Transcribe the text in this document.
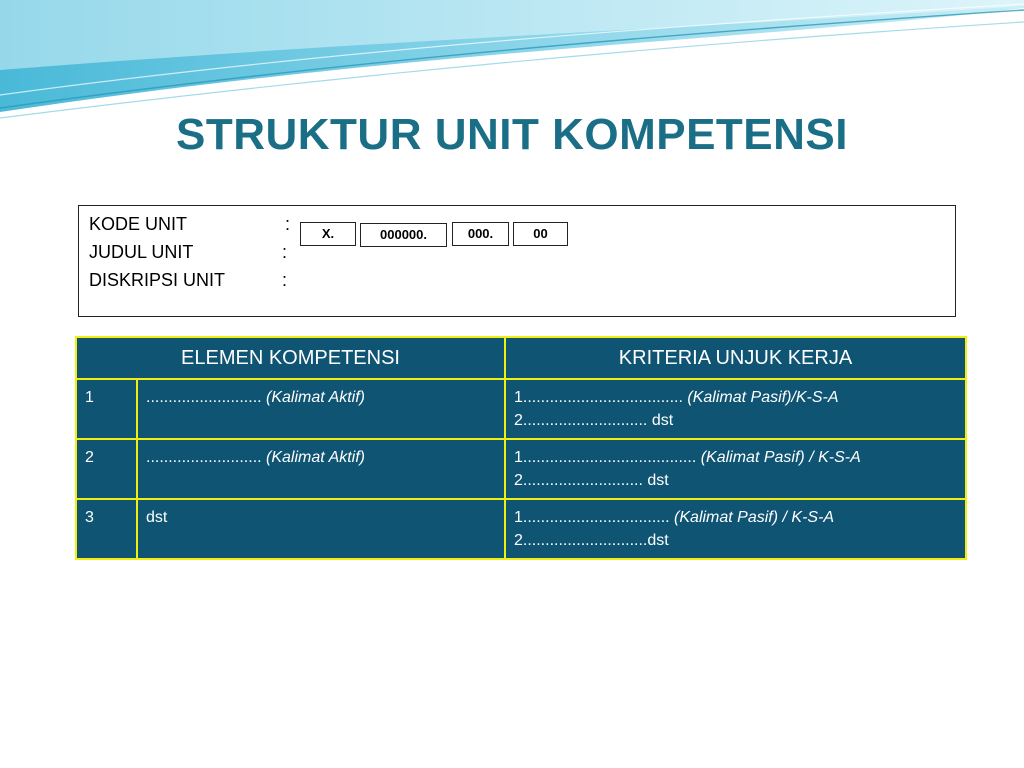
STRUKTUR UNIT KOMPETENSI
KODE UNIT	:
JUDUL UNIT	:
DISKRIPSI UNIT	:
X.	000000.	000.	00
ELEMEN KOMPETENSI		KRITERIA UNJUK KERJA
1	.......................... (Kalimat Aktif)	1.................................... (Kalimat Pasif)/K-S-A
2............................ dst
2	.......................... (Kalimat Aktif)	1....................................... (Kalimat Pasif) / K-S-A
2........................... dst
3	dst	1................................. (Kalimat Pasif) / K-S-A
2............................dst
